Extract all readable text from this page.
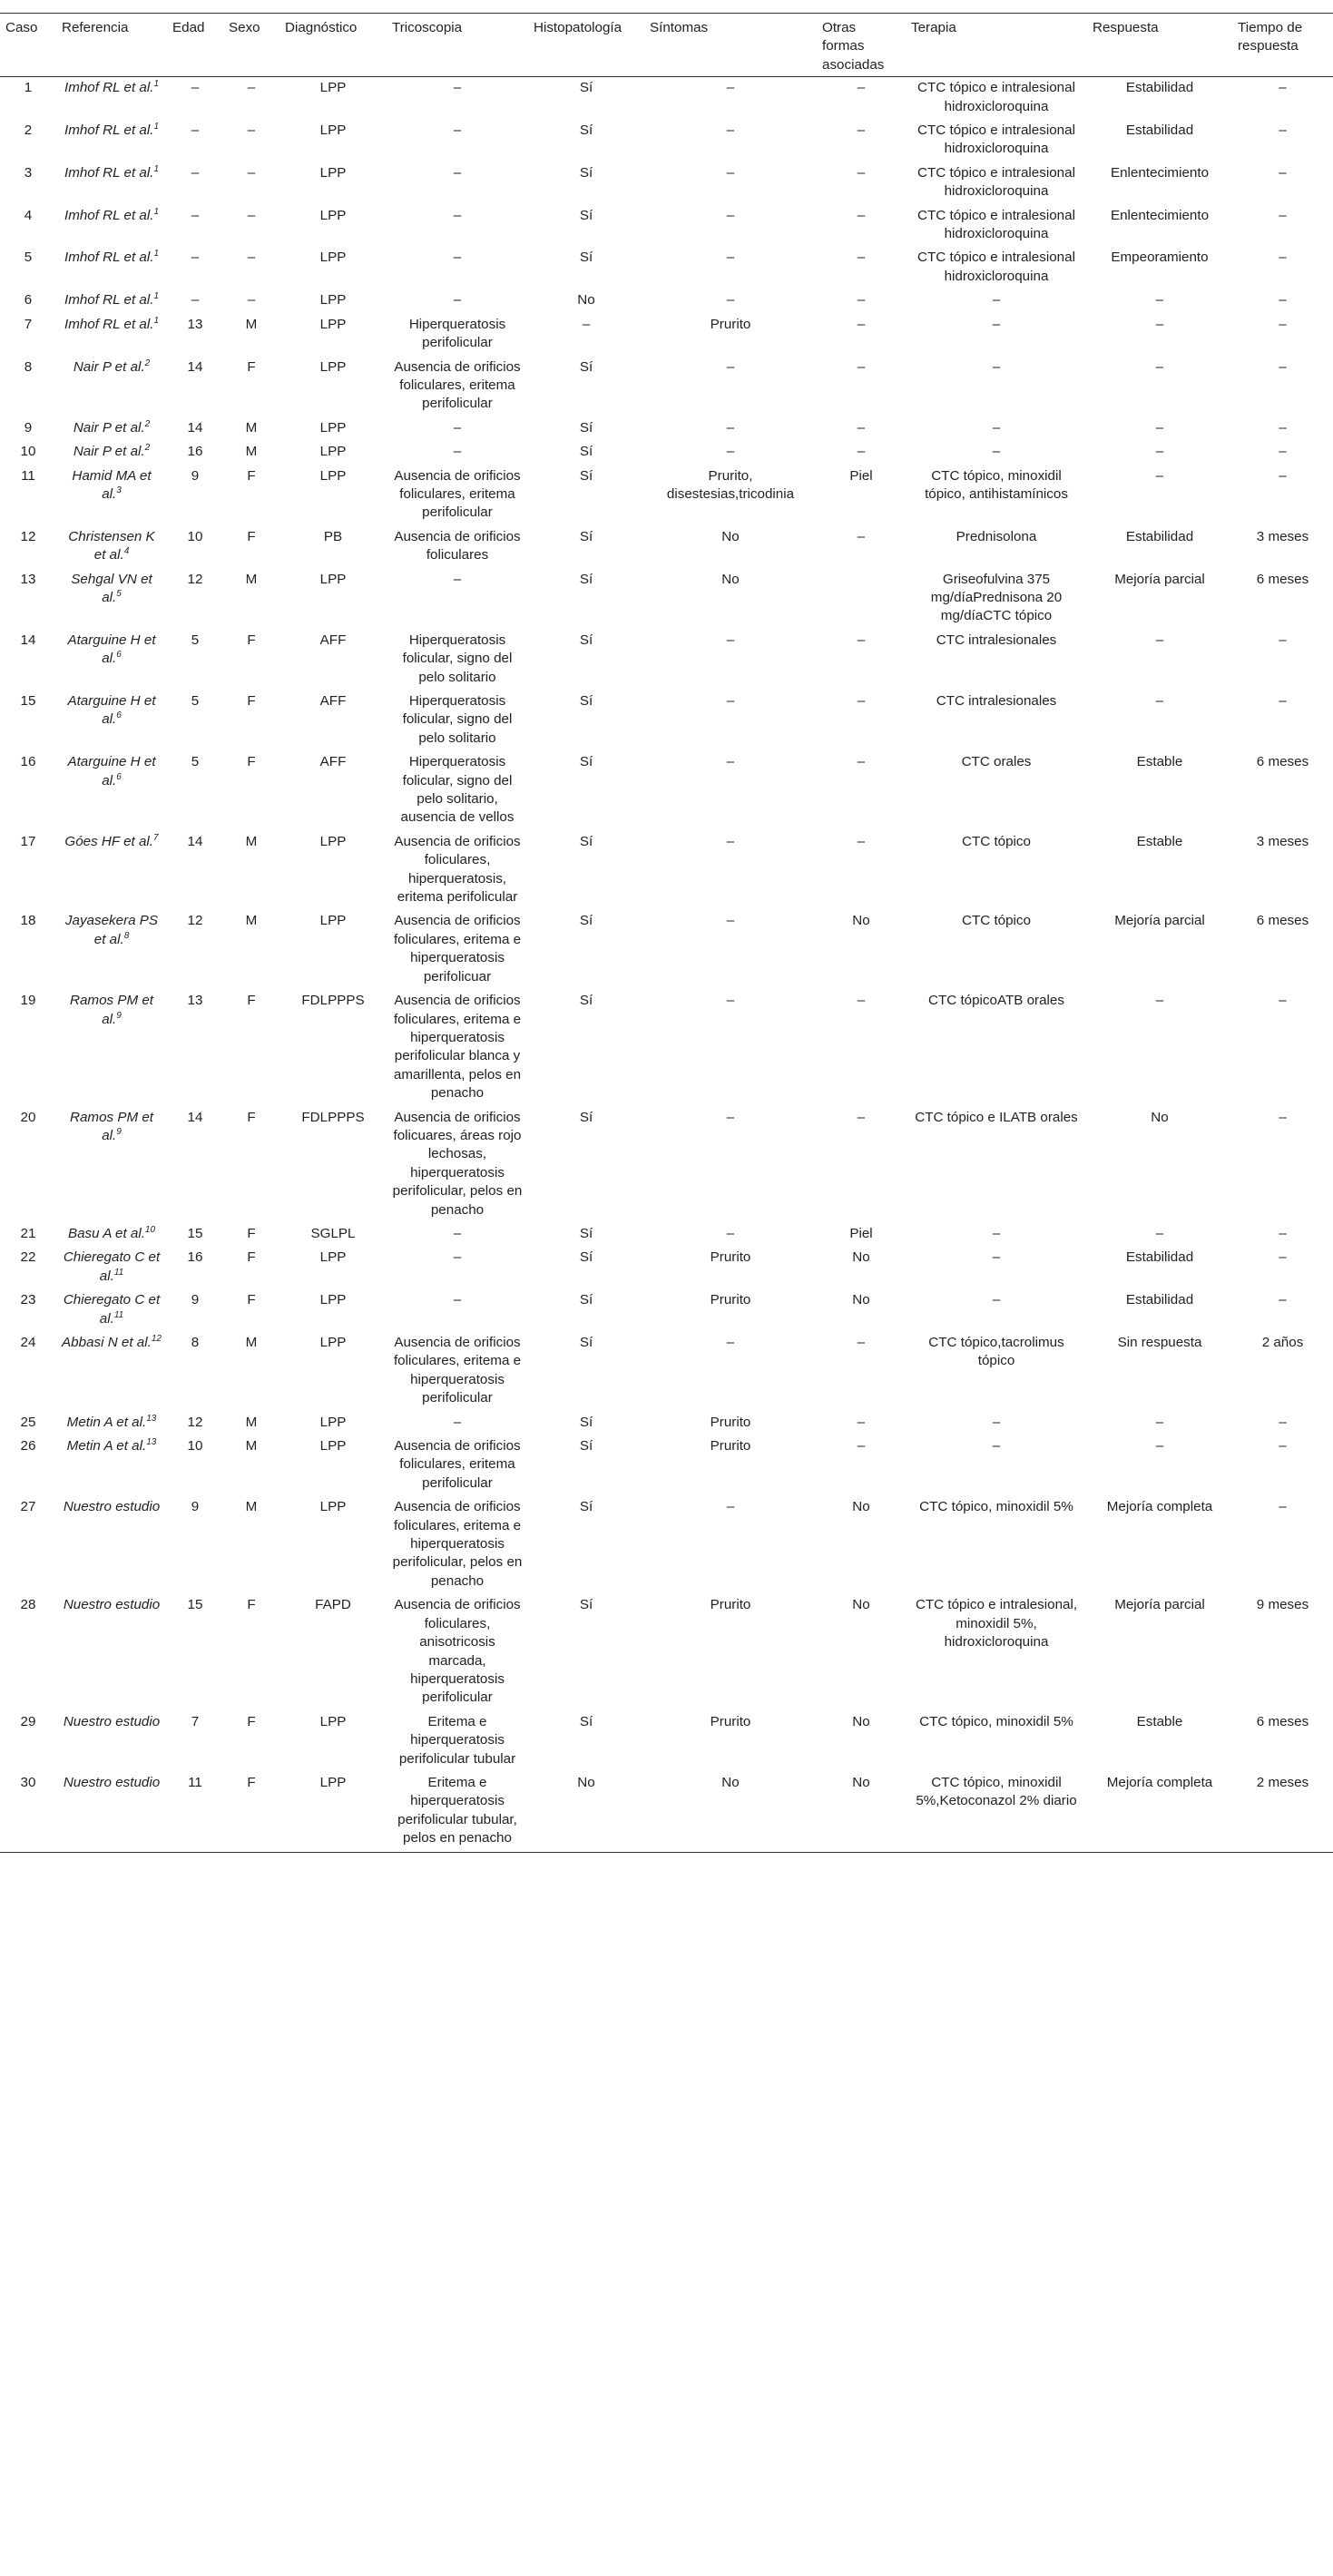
Caso	Referencia	Edad	Sexo	Diagnóstico	Tricoscopia	Histopatología	Síntomas	Otras formas asociadas	Terapia	Respuesta	Tiempo de respuesta
1	Imhof RL et al.$^1$	–	–	LPP	–	Sí	–	–	CTC tópico e intralesional hidroxicloroquina	Estabilidad	–
2	Imhof RL et al.$^1$	–	–	LPP	–	Sí	–	–	CTC tópico e intralesional hidroxicloroquina	Estabilidad	–
3	Imhof RL et al.$^1$	–	–	LPP	–	Sí	–	–	CTC tópico e intralesional hidroxicloroquina	Enlentecimiento	–
4	Imhof RL et al.$^1$	–	–	LPP	–	Sí	–	–	CTC tópico e intralesional hidroxicloroquina	Enlentecimiento	–
5	Imhof RL et al.$^1$	–	–	LPP	–	Sí	–	–	CTC tópico e intralesional hidroxicloroquina	Empeoramiento	–
6	Imhof RL et al.$^1$	–	–	LPP	–	No	–	–	–	–	–
7	Imhof RL et al.$^1$	13	M	LPP	Hiperqueratosis perifolicular	–	Prurito	–	–	–	–
8	Nair P et al.$^2$	14	F	LPP	Ausencia de orificios foliculares, eritema perifolicular	Sí	–	–	–	–	–
9	Nair P et al.$^2$	14	M	LPP	–	Sí	–	–	–	–	–
10	Nair P et al.$^2$	16	M	LPP	–	Sí	–	–	–	–	–
11	Hamid MA et al.$^3$	9	F	LPP	Ausencia de orificios foliculares, eritema perifolicular	Sí	Prurito, disestesias,tricodinia	Piel	CTC tópico, minoxidil tópico, antihistamínicos	–	–
12	Christensen K et al.$^4$	10	F	PB	Ausencia de orificios foliculares	Sí	No	–	Prednisolona	Estabilidad	3 meses
13	Sehgal VN et al.$^5$	12	M	LPP	–	Sí	No		Griseofulvina 375 mg/díaPrednisona 20 mg/díaCTC tópico	Mejoría parcial	6 meses
14	Atarguine H et al.$^6$	5	F	AFF	Hiperqueratosis folicular, signo del pelo solitario	Sí	–	–	CTC intralesionales	–	–
15	Atarguine H et al.$^6$	5	F	AFF	Hiperqueratosis folicular, signo del pelo solitario	Sí	–	–	CTC intralesionales	–	–
16	Atarguine H et al.$^6$	5	F	AFF	Hiperqueratosis folicular, signo del pelo solitario, ausencia de vellos	Sí	–	–	CTC orales	Estable	6 meses
17	Góes HF et al.$^7$	14	M	LPP	Ausencia de orificios foliculares, hiperqueratosis, eritema perifolicular	Sí	–	–	CTC tópico	Estable	3 meses
18	Jayasekera PS et al.$^8$	12	M	LPP	Ausencia de orificios foliculares, eritema e hiperqueratosis perifolicuar	Sí	–	No	CTC tópico	Mejoría parcial	6 meses
19	Ramos PM et al.$^9$	13	F	FDLPPPS	Ausencia de orificios foliculares, eritema e hiperqueratosis perifolicular blanca y amarillenta, pelos en penacho	Sí	–	–	CTC tópicoATB orales	–	–
20	Ramos PM et al.$^9$	14	F	FDLPPPS	Ausencia de orificios folicuares, áreas rojo lechosas, hiperqueratosis perifolicular, pelos en penacho	Sí	–	–	CTC tópico e ILATB orales	No	–
21	Basu A et al.$^{10}$	15	F	SGLPL	–	Sí	–	Piel	–	–	–
22	Chieregato C et al.$^{11}$	16	F	LPP	–	Sí	Prurito	No	–	Estabilidad	–
23	Chieregato C et al.$^{11}$	9	F	LPP	–	Sí	Prurito	No	–	Estabilidad	–
24	Abbasi N et al.$^{12}$	8	M	LPP	Ausencia de orificios foliculares, eritema e hiperqueratosis perifolicular	Sí	–	–	CTC tópico,tacrolimus tópico	Sin respuesta	2 años
25	Metin A et al.$^{13}$	12	M	LPP	–	Sí	Prurito	–	–	–	–
26	Metin A et al.$^{13}$	10	M	LPP	Ausencia de orificios foliculares, eritema perifolicular	Sí	Prurito	–	–	–	–
27	Nuestro estudio	9	M	LPP	Ausencia de orificios foliculares, eritema e hiperqueratosis perifolicular, pelos en penacho	Sí	–	No	CTC tópico, minoxidil 5%	Mejoría completa	–
28	Nuestro estudio	15	F	FAPD	Ausencia de orificios foliculares, anisotricosis marcada, hiperqueratosis perifolicular	Sí	Prurito	No	CTC tópico e intralesional, minoxidil 5%, hidroxicloroquina	Mejoría parcial	9 meses
29	Nuestro estudio	7	F	LPP	Eritema e hiperqueratosis perifolicular tubular	Sí	Prurito	No	CTC tópico, minoxidil 5%	Estable	6 meses
30	Nuestro estudio	11	F	LPP	Eritema e hiperqueratosis perifolicular tubular, pelos en penacho	No	No	No	CTC tópico, minoxidil 5%,Ketoconazol 2% diario	Mejoría completa	2 meses
